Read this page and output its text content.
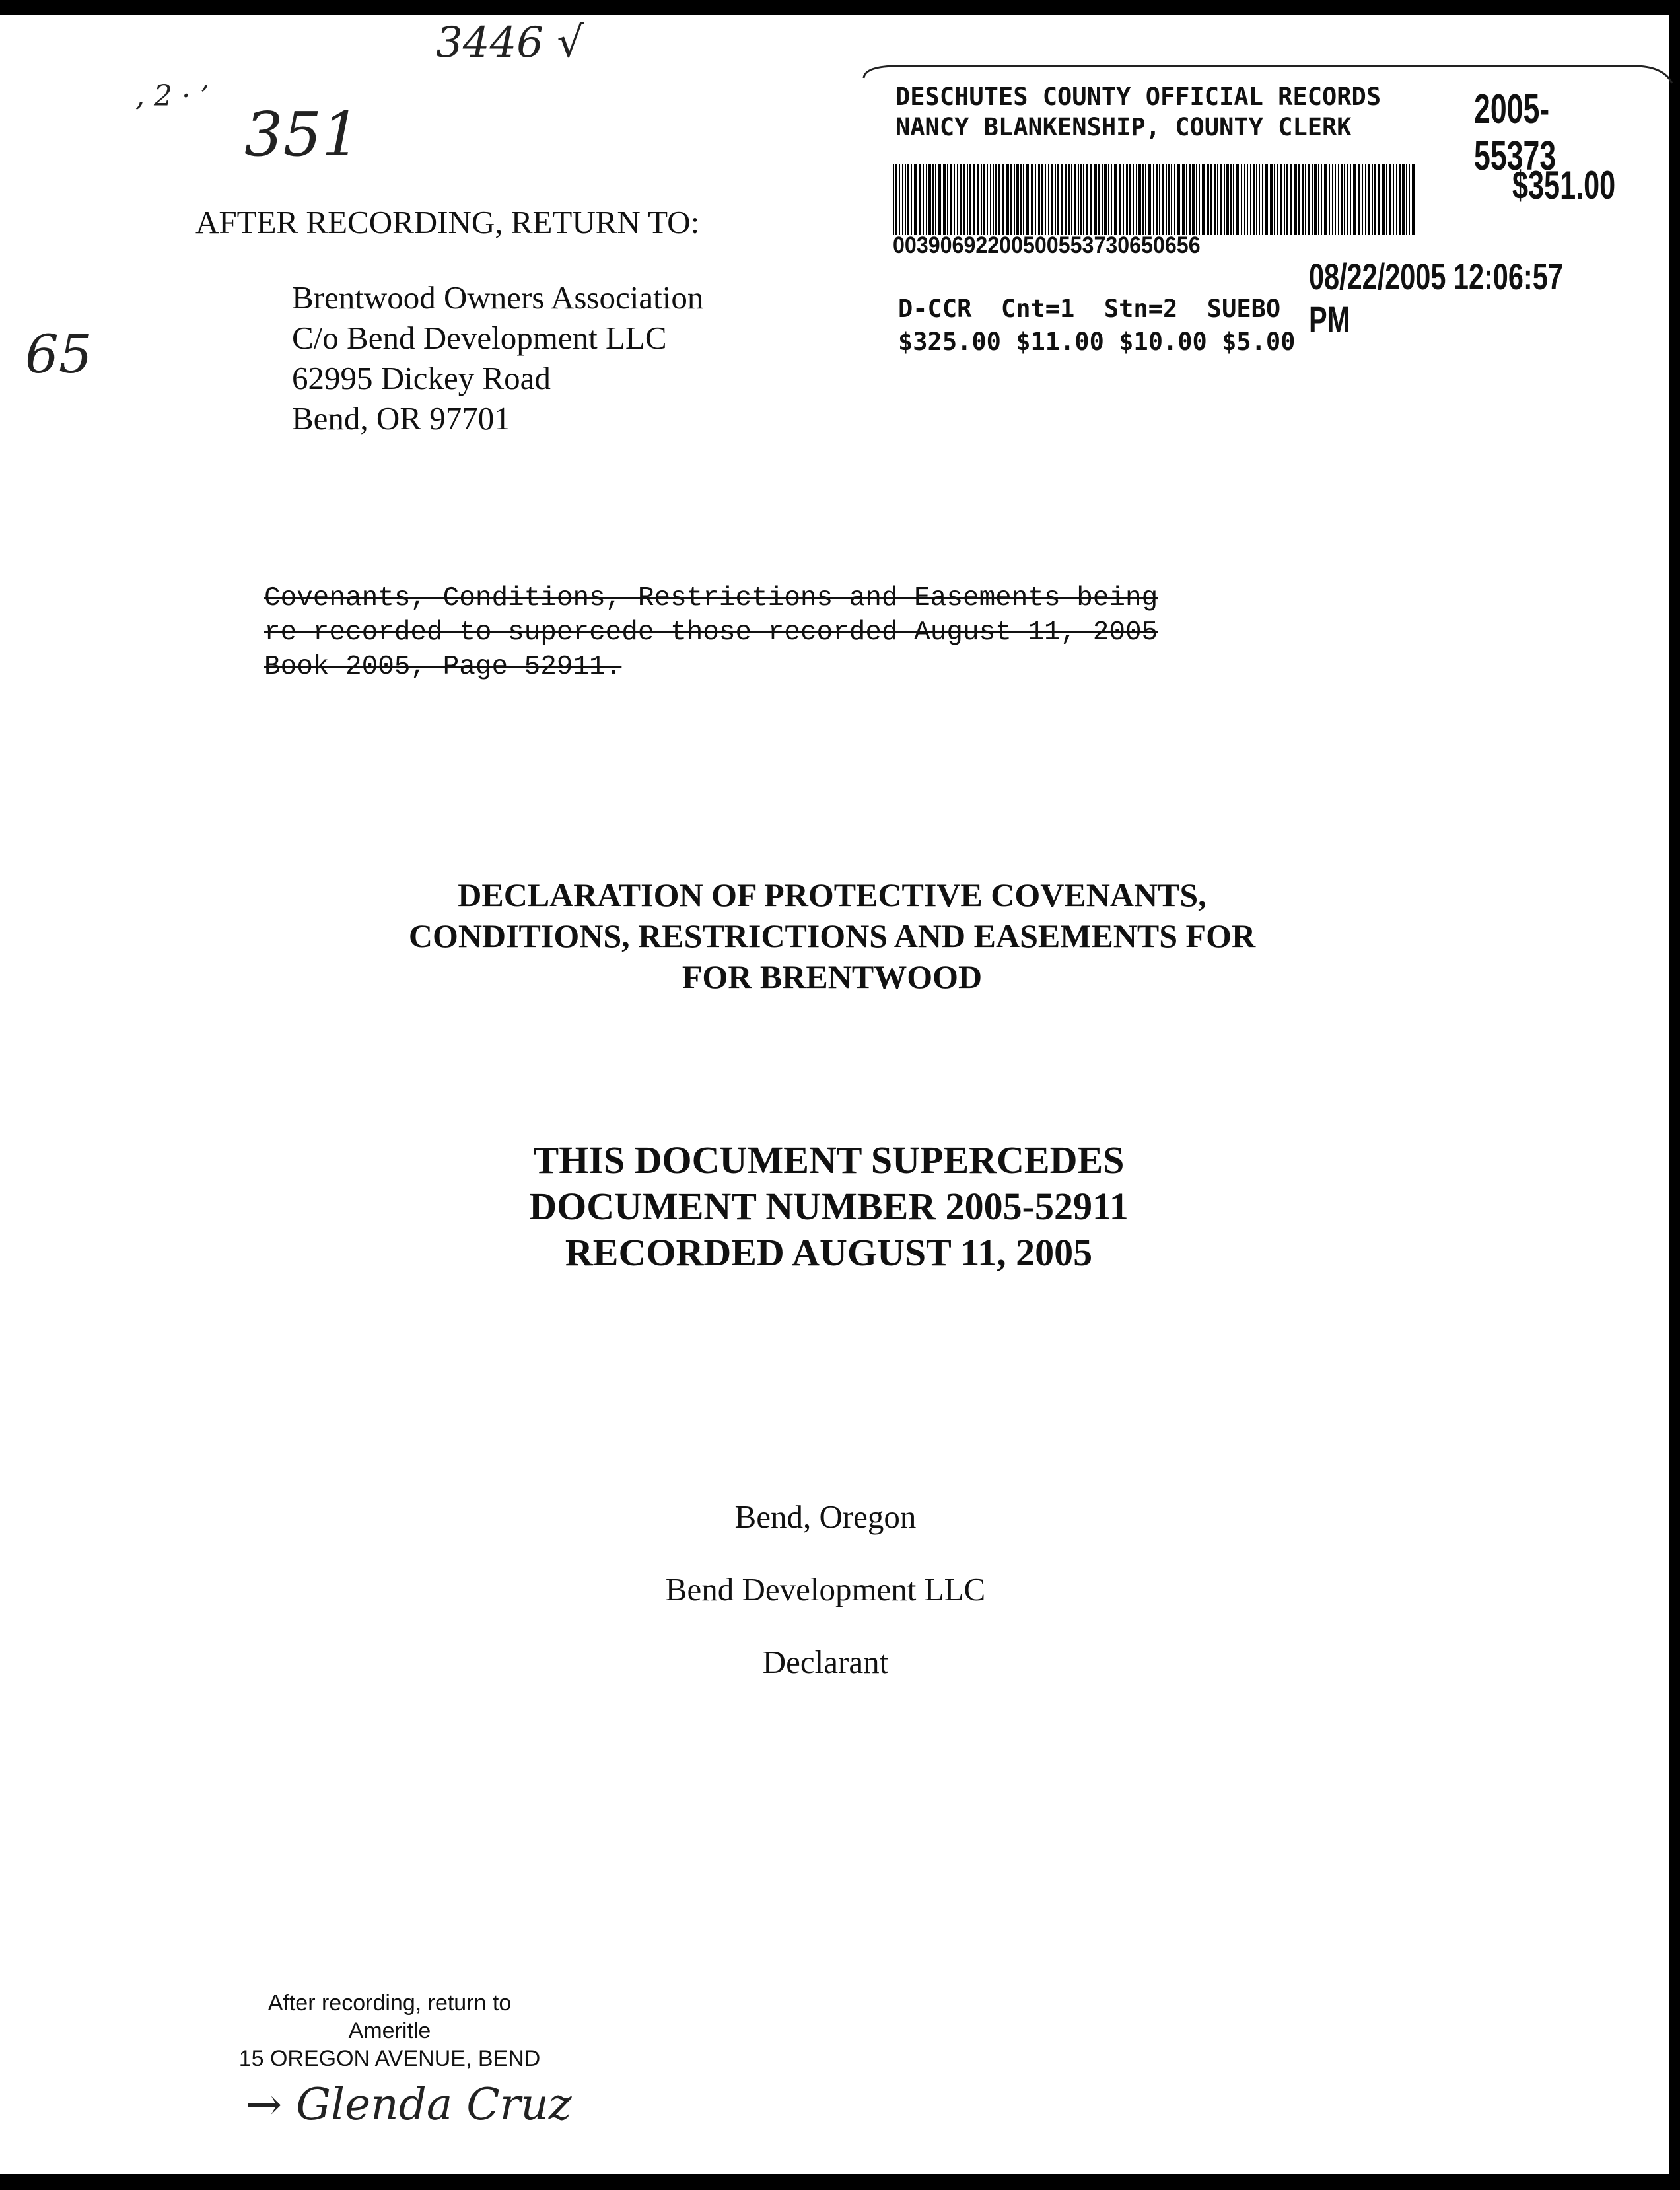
3446 √
, 2 · ’
351
65
AFTER RECORDING, RETURN TO:
Brentwood Owners Association
C/o Bend Development LLC
62995 Dickey Road
Bend, OR 97701
DESCHUTES COUNTY OFFICIAL RECORDS
NANCY BLANKENSHIP, COUNTY CLERK	2005-55373
$351.00
00390692200500553730650656
08/22/2005 12:06:57 PM
D-CCR  Cnt=1  Stn=2  SUEBO
$325.00 $11.00 $10.00 $5.00
Covenants, Conditions, Restrictions and Easements being
re-recorded to supercede those recorded August 11, 2005
Book 2005, Page 52911.
DECLARATION OF PROTECTIVE COVENANTS,
CONDITIONS, RESTRICTIONS AND EASEMENTS FOR
FOR BRENTWOOD
THIS DOCUMENT SUPERCEDES
DOCUMENT NUMBER 2005-52911
RECORDED AUGUST 11, 2005
Bend, Oregon
Bend Development LLC
Declarant
After recording, return to
Ameritle
15 OREGON AVENUE, BEND
→ Glenda Cruz
